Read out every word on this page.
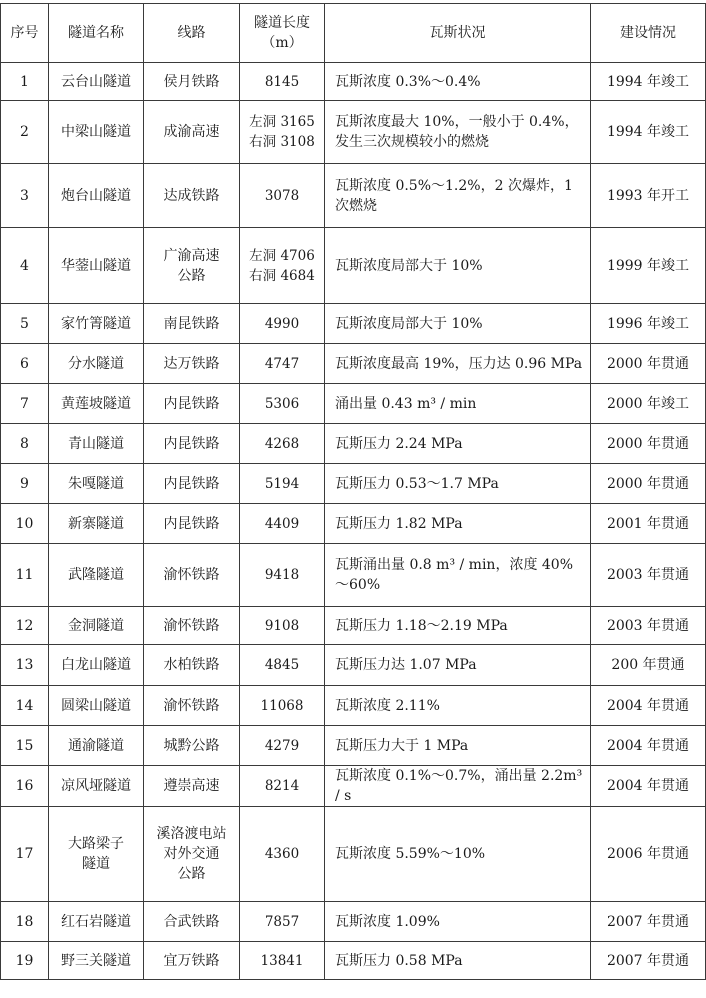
序号	隧道名称	线路	隧道长度（m）	瓦斯状况	建设情况
1	云台山隧道	侯月铁路	8145	瓦斯浓度 0.3%～0.4%	1994 年竣工
2	中梁山隧道	成渝高速	左洞 3165
右洞 3108	瓦斯浓度最大 10%，一般小于 0.4%，发生三次规模较小的燃烧	1994 年竣工
3	炮台山隧道	达成铁路	3078	瓦斯浓度 0.5%～1.2%，2 次爆炸，1 次燃烧	1993 年开工
4	华蓥山隧道	广渝高速
公路	左洞 4706
右洞 4684	瓦斯浓度局部大于 10%	1999 年竣工
5	家竹箐隧道	南昆铁路	4990	瓦斯浓度局部大于 10%	1996 年竣工
6	分水隧道	达万铁路	4747	瓦斯浓度最高 19%，压力达 0.96 MPa	2000 年贯通
7	黄莲坡隧道	内昆铁路	5306	涌出量 0.43 m³ / min	2000 年竣工
8	青山隧道	内昆铁路	4268	瓦斯压力 2.24 MPa	2000 年贯通
9	朱嘎隧道	内昆铁路	5194	瓦斯压力 0.53～1.7 MPa	2000 年贯通
10	新寨隧道	内昆铁路	4409	瓦斯压力 1.82 MPa	2001 年贯通
11	武隆隧道	渝怀铁路	9418	瓦斯涌出量 0.8 m³ / min，浓度 40%～60%	2003 年贯通
12	金洞隧道	渝怀铁路	9108	瓦斯压力 1.18～2.19 MPa	2003 年贯通
13	白龙山隧道	水柏铁路	4845	瓦斯压力达 1.07 MPa	200 年贯通
14	圆梁山隧道	渝怀铁路	11068	瓦斯浓度 2.11%	2004 年贯通
15	通渝隧道	城黔公路	4279	瓦斯压力大于 1 MPa	2004 年贯通
16	凉风垭隧道	遵崇高速	8214	瓦斯浓度 0.1%～0.7%，涌出量 2.2m³ / s	2004 年贯通
17	大路梁子
隧道	溪洛渡电站
对外交通
公路	4360	瓦斯浓度 5.59%～10%	2006 年贯通
18	红石岩隧道	合武铁路	7857	瓦斯浓度 1.09%	2007 年贯通
19	野三关隧道	宜万铁路	13841	瓦斯压力 0.58 MPa	2007 年贯通
